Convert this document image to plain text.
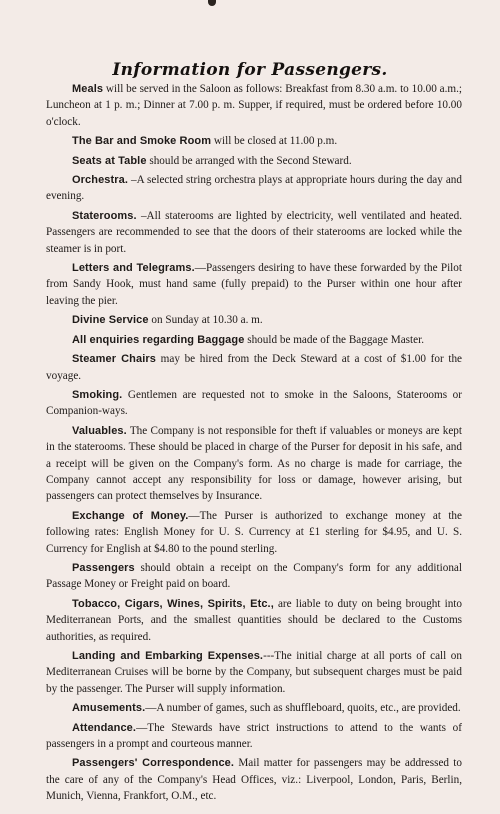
Information for Passengers.

Meals will be served in the Saloon as follows: Breakfast from 8.30 a.m. to 10.00 a.m.; Luncheon at 1 p. m.; Dinner at 7.00 p. m. Supper, if required, must be ordered before 10.00 o'clock.

The Bar and Smoke Room will be closed at 11.00 p.m.

Seats at Table should be arranged with the Second Steward.

Orchestra. –A selected string orchestra plays at appropriate hours during the day and evening.

Staterooms. –All staterooms are lighted by electricity, well ventilated and heated. Passengers are recommended to see that the doors of their staterooms are locked while the steamer is in port.

Letters and Telegrams.—Passengers desiring to have these forwarded by the Pilot from Sandy Hook, must hand same (fully prepaid) to the Purser within one hour after leaving the pier.

Divine Service on Sunday at 10.30 a. m.

All enquiries regarding Baggage should be made of the Baggage Master.

Steamer Chairs may be hired from the Deck Steward at a cost of $1.00 for the voyage.

Smoking. Gentlemen are requested not to smoke in the Saloons, Staterooms or Companion-ways.

Valuables. The Company is not responsible for theft if valuables or moneys are kept in the staterooms. These should be placed in charge of the Purser for deposit in his safe, and a receipt will be given on the Company's form. As no charge is made for carriage, the Company cannot accept any responsibility for loss or damage, however arising, but passengers can protect themselves by Insurance.

Exchange of Money.—The Purser is authorized to exchange money at the following rates: English Money for U. S. Currency at £1 sterling for $4.95, and U. S. Currency for English at $4.80 to the pound sterling.

Passengers should obtain a receipt on the Company's form for any additional Passage Money or Freight paid on board.

Tobacco, Cigars, Wines, Spirits, Etc., are liable to duty on being brought into Mediterranean Ports, and the smallest quantities should be declared to the Customs authorities, as required.

Landing and Embarking Expenses.---The initial charge at all ports of call on Mediterranean Cruises will be borne by the Company, but subsequent charges must be paid by the passenger. The Purser will supply information.

Amusements.—A number of games, such as shuffleboard, quoits, etc., are provided.

Attendance.—The Stewards have strict instructions to attend to the wants of passengers in a prompt and courteous manner.

Passengers' Correspondence. Mail matter for passengers may be addressed to the care of any of the Company's Head Offices, viz.: Liverpool, London, Paris, Berlin, Munich, Vienna, Frankfort, O.M., etc.
